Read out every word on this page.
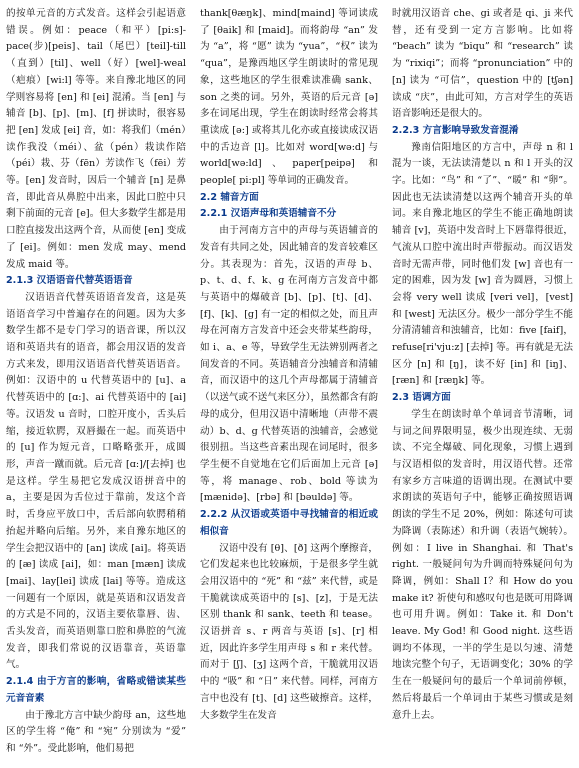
的按单元音的方式发音。这样会引起语意错误。例如：peace（和平）[pi:s]-pace(步)[peis]、tail（尾巴）[teil]-till（直到）[til]、well（好）[wel]-weal（疤痕）[wi:l] 等等。来自豫北地区的同学则容易将 [en] 和 [ei] 混淆。当 [en] 与辅音 [b]、[p]、[m]、[f] 拼读时，很容易把 [en] 发成 [ei] 音，如：将我们（mén）读作我没（méi）、盆（pén）栽读作陪（péi）栽、芬（fēn）芳读作飞（fēi）芳等。[en] 发音时，因后一个辅音 [n] 是鼻音，即此音从鼻腔中出来，因此口腔中只剩下前面的元音 [e]。但大多数学生都是用口腔直接发出这两个音，从而使 [en] 变成了 [ei]。例如：men 发成 may、mend 发成 maid 等。

2.1.3 汉语语音代替英语语音

汉语语音代替英语语音发音，这是英语语音学习中普遍存在的问题。因为大多数学生都不是专门学习的语音课，所以汉语和英语共有的语音，都会用汉语的发音方式来发，即用汉语语音代替英语语音。例如：汉语中的 u 代替英语中的 [u]、a 代替英语中的 [ɑ:]、ai 代替英语中的 [ai] 等。汉语发 u 音时，口腔开度小，舌头后缩，接近软腭，双唇撮在一起。而英语中的 [u] 作为短元音，口略略张开，成圆形，声音一蹴而就。后元音 [ɑ:]/[去掉] 也是这样。学生易把它发成汉语拼音中的 a，主要是因为舌位过于靠前，发这个音时，舌身应平放口中，舌后部向软腭稍稍抬起并略向后缩。另外，来自豫东地区的学生会把汉语中的 [an] 读成 [ai]。将英语的 [æ] 读成 [ai]，如：man [mæn] 读成 [mai]、lay[lei] 读成 [lai] 等等。造成这一问题有一个原因，就是英语和汉语发音的方式是不同的，汉语主要依靠唇、齿、舌头发音，而英语则靠口腔和鼻腔的气流发音，即我们常说的汉语靠音，英语靠气。

2.1.4 由于方言的影响，省略或错读某些元音音素

由于豫北方言中缺少韵母 an，这些地区的学生将 “俺” 和 “宛” 分别读为 “爱” 和 “外”。受此影响，他们易把

thank[θæŋk]、mind[maind] 等词读成了 [θaik] 和 [maid]。而将韵母 “an” 发为 “a”，将 “愿” 读为 “yua”，“权” 读为 “qua”，是豫西地区学生朗读时的常见现象，这些地区的学生很难读准确 sank、son 之类的词。另外，英语的后元音 [ə] 多在词尾出现，学生在朗读时经常会将其重读成 [ə:] 或将其儿化亦或直接读成汉语中的舌边音 [l]。比如对 word[wə:d] 与 world[wə:ld]、paper[peipə] 和 people[ pi:pl] 等单词的正确发音。

2.2 辅音方面
2.2.1 汉语声母和英语辅音不分

由于河南方言中的声母与英语辅音的发音有共同之处，因此辅音的发音较难区分。其表现为：首先，汉语的声母 b、p、t、d、f、k、g 在河南方言发音中都与英语中的爆破音 [b]、[p]、[t]、[d]、[f]、[k]、[g] 有一定的相似之处，而且声母在河南方言发音中还会夹带某些韵母，如 i、a、e 等，导致学生无法辨别两者之间发音的不同。英语辅音分浊辅音和清辅音，而汉语中的这几个声母都属于清辅音（以送气或不送气来区分），虽然都含有韵母的成分，但用汉语中清晰地（声带不震动）b、d、g 代替英语的浊辅音，会感觉很别扭。当这些音素出现在词尾时，很多学生便不自觉地在它们后面加上元音 [ə] 等，将 manage、rob、bold 等读为 [mænidə]、[rbə] 和 [bəuldə] 等。

2.2.2 从汉语或英语中寻找辅音的相近或相似音

汉语中没有 [θ]、[ð] 这两个摩擦音，它们发起来也比较麻烦，于是很多学生就会用汉语中的 “死” 和 “兹” 来代替，或是干脆就读成英语中的 [s]、[z]，于是无法区别 thank 和 sank、teeth 和 tease。汉语拼音 s、r 两音与英语 [s]、[r] 相近，因此许多学生用声母 s 和 r 来代替。而对于 [ʃ]、[ʒ] 这两个音，干脆就用汉语中的 “吸” 和 “日” 来代替。同样，河南方言中也没有 [t]、[d] 这些破擦音。这样，大多数学生在发音

时就用汉语音 che、gi 或者是 qi、ji 来代替，还有受到一定方言影响。比如将 “beach” 读为 “biqu” 和 “research” 读为 “rixiqi”；而将 “pronunciation” 中的 [n] 读为 “可信”，question 中的 [tʃən] 读成 “庆”，由此可知，方言对学生的英语语音影响还是很大的。

2.2.3 方言影响导致发音混淆

豫南信阳地区的方言中，声母 n 和 l 混为一谈，无法读清楚以 n 和 l 开头的汉字。比如：“鸟” 和 “了”、“暖” 和 “卵”。因此也无法读清楚以这两个辅音开头的单词。来自豫北地区的学生不能正确地朗读辅音 [v]，英语中发音时上下唇靠得很近，气流从口腔中流出时声带振动。而汉语发音时无需声带，同时他们发 [w] 音也有一定的困难，因为发 [w] 音为圆唇，习惯上会将 very well 读成 [veri vel]，[vest] 和 [west] 无法区分。极少一部分学生不能分清清辅音和浊辅音，比如：five [faif]，refuse[ri'vju:z] [去掉] 等。再有就是无法区分 [n] 和 [ŋ]，读不好 [in] 和 [iŋ]、[ræn] 和 [ræŋk] 等。

2.3 语调方面

学生在朗读时单个单词音节清晰，词与词之间界限明显，极少出现连续、无弱读、不完全爆破、同化现象，习惯上遇到与汉语相似的发音时，用汉语代替。还常有家乡方言味道的语调出现。在测试中要求朗读的英语句子中，能够正确按照语调朗读的学生不足 20%，例如：陈述句可读为降调（表陈述）和升调（表语气婉转）。例如：I live in Shanghai. 和 That's right. 一般疑问句为升调而特殊疑问句为降调，例如：Shall I？和 How do you make it? 祈使句和感叹句也是既可用降调也可用升调。例如：Take it. 和 Don't leave. My God! 和 Good night. 这些语调均不体现，一半的学生是以匀速、清楚地读完整个句子，无语调变化；30% 的学生在一般疑问句的最后一个单词前停顿，然后将最后一个单词由于某些习惯或是刻意升上去。
